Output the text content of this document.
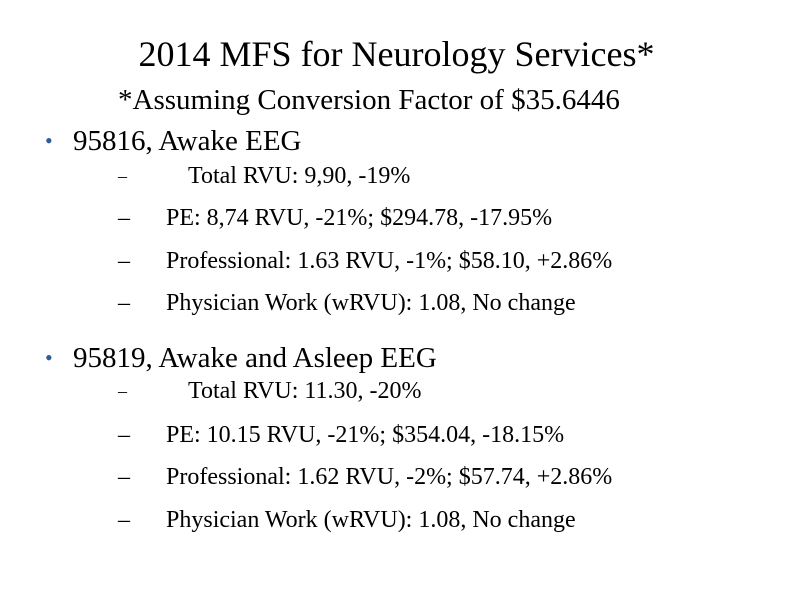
2014 MFS for Neurology Services*
*Assuming Conversion Factor of $35.6446
• 95816, Awake EEG
–	Total RVU: 9,90, -19%
– PE: 8,74 RVU, -21%; $294.78, -17.95%
– Professional: 1.63 RVU, -1%; $58.10, +2.86%
– Physician Work (wRVU): 1.08, No change
• 95819, Awake and Asleep EEG
–	Total RVU: 11.30, -20%
– PE: 10.15 RVU, -21%; $354.04, -18.15%
– Professional: 1.62 RVU, -2%; $57.74, +2.86%
– Physician Work (wRVU): 1.08, No change
